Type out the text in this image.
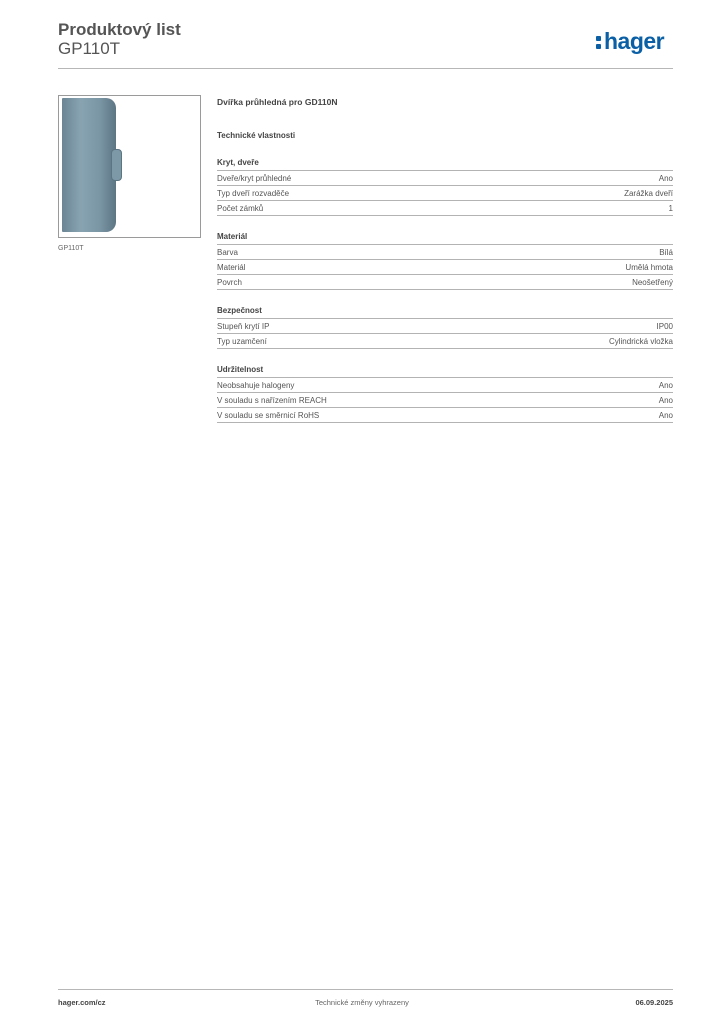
Produktový list
GP110T	hager
GP110T
Dvířka průhledná pro GD110N
Technické vlastnosti
Kryt, dveře
Dveře/kryt průhledné	Ano
Typ dveří rozvaděče	Zarážka dveří
Počet zámků	1
Materiál
Barva	Bílá
Materiál	Umělá hmota
Povrch	Neošetřený
Bezpečnost
Stupeň krytí IP	IP00
Typ uzamčení	Cylindrická vložka
Udržitelnost
Neobsahuje halogeny	Ano
V souladu s nařízením REACH	Ano
V souladu se směrnicí RoHS	Ano
hager.com/cz	Technické změny vyhrazeny	06.09.2025
